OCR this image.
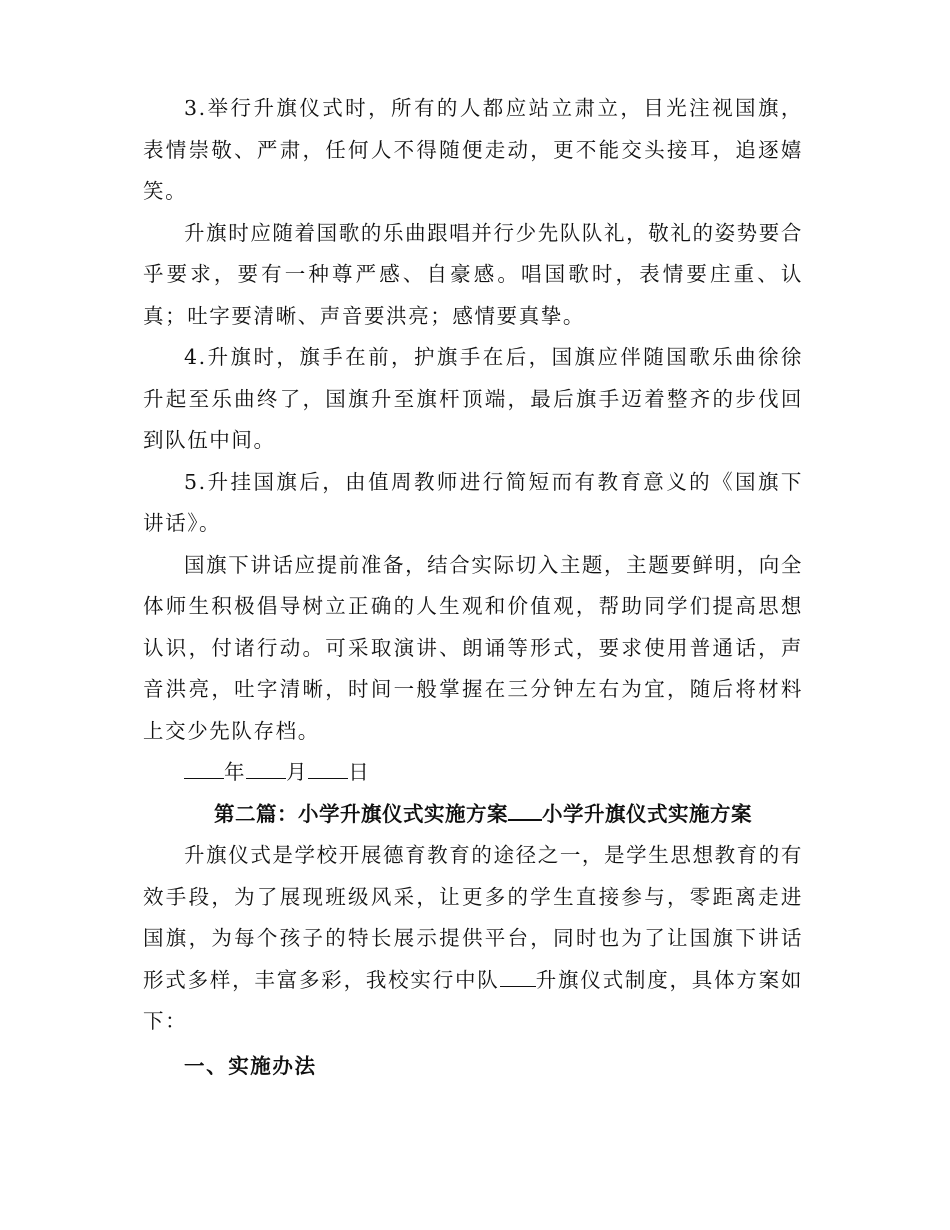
3.举行升旗仪式时，所有的人都应站立肃立，目光注视国旗，表情崇敬、严肃，任何人不得随便走动，更不能交头接耳，追逐嬉笑。

升旗时应随着国歌的乐曲跟唱并行少先队队礼，敬礼的姿势要合乎要求，要有一种尊严感、自豪感。唱国歌时，表情要庄重、认真；吐字要清晰、声音要洪亮；感情要真挚。

4.升旗时，旗手在前，护旗手在后，国旗应伴随国歌乐曲徐徐升起至乐曲终了，国旗升至旗杆顶端，最后旗手迈着整齐的步伐回到队伍中间。

5.升挂国旗后，由值周教师进行简短而有教育意义的《国旗下讲话》。

国旗下讲话应提前准备，结合实际切入主题，主题要鲜明，向全体师生积极倡导树立正确的人生观和价值观，帮助同学们提高思想认识，付诸行动。可采取演讲、朗诵等形式，要求使用普通话，声音洪亮，吐字清晰，时间一般掌握在三分钟左右为宜，随后将材料上交少先队存档。

年 月 日

第二篇：小学升旗仪式实施方案 小学升旗仪式实施方案

升旗仪式是学校开展德育教育的途径之一，是学生思想教育的有效手段，为了展现班级风采，让更多的学生直接参与，零距离走进国旗，为每个孩子的特长展示提供平台，同时也为了让国旗下讲话形式多样，丰富多彩，我校实行中队 升旗仪式制度，具体方案如下：

一、实施办法
